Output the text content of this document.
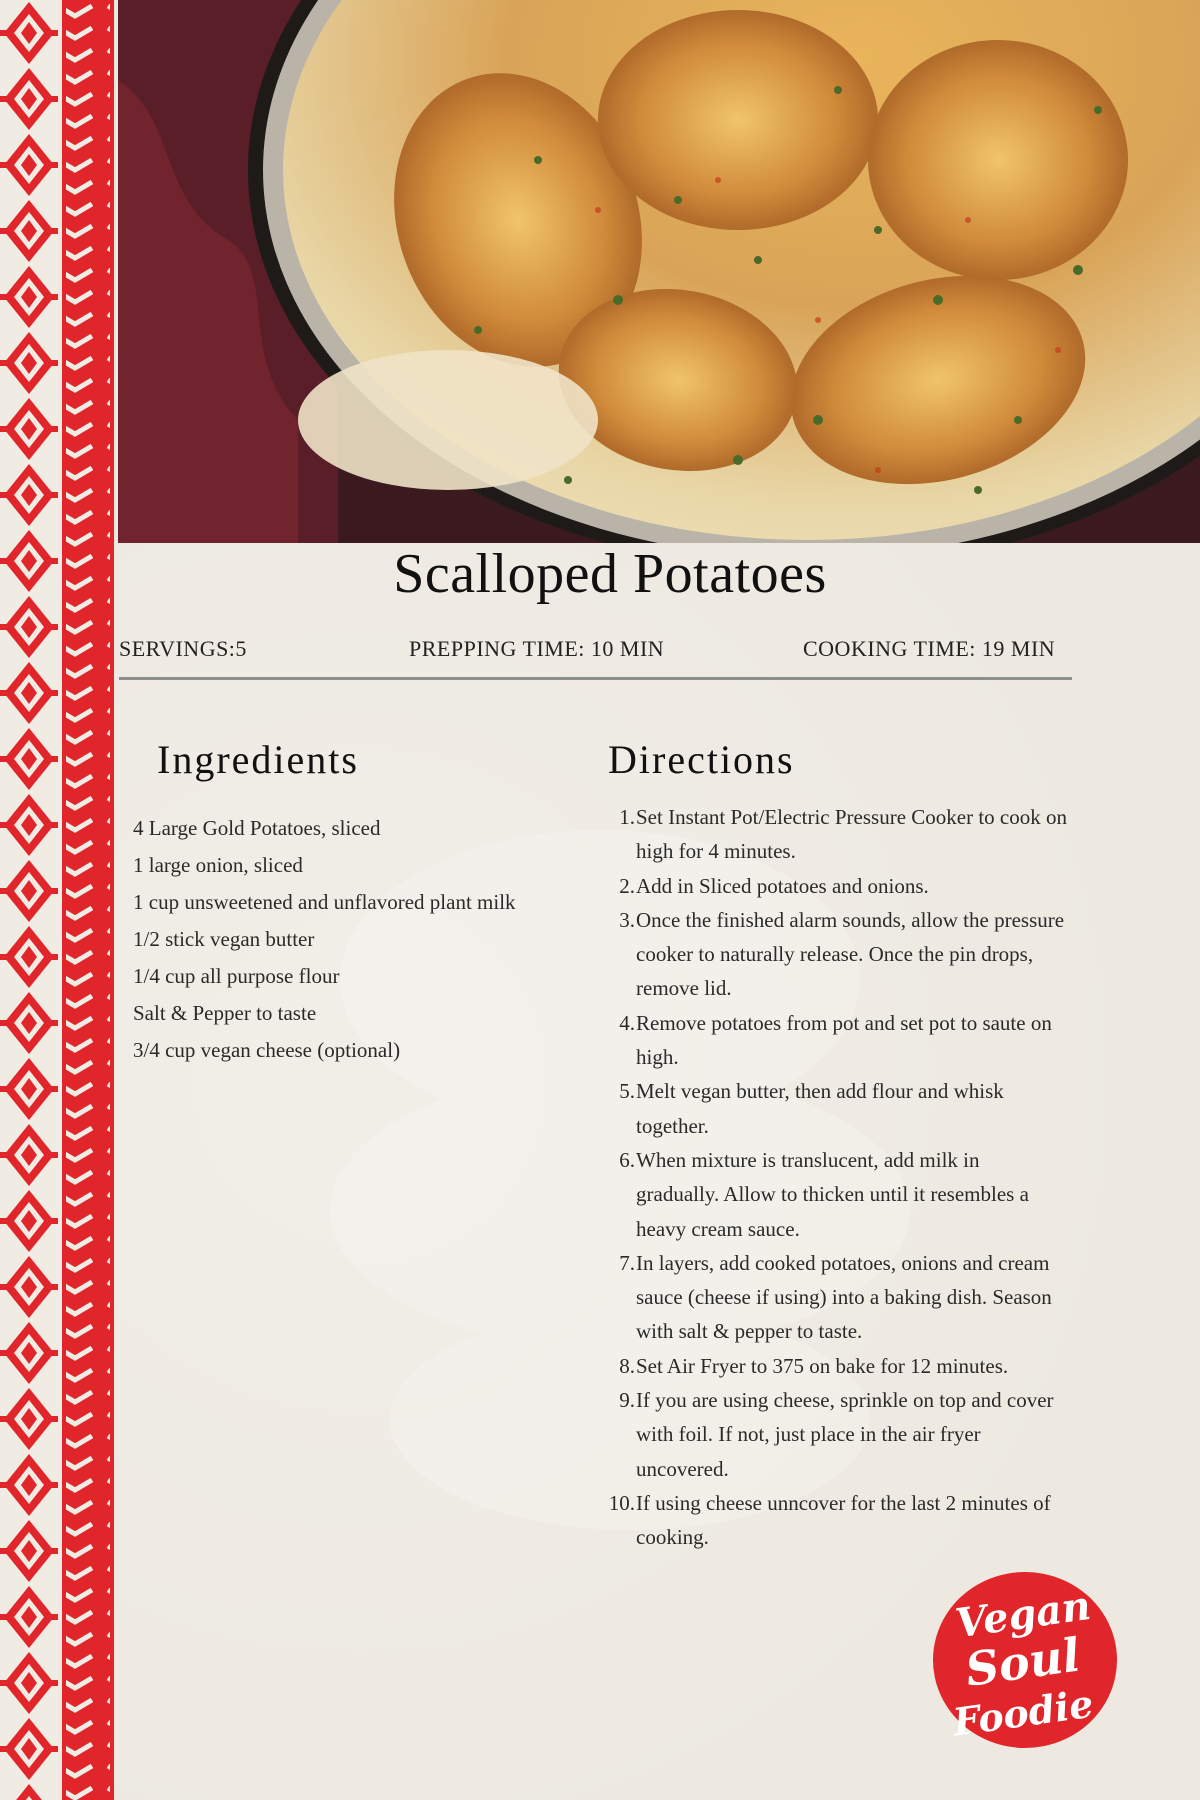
Scalloped Potatoes
SERVINGS:5	PREPPING TIME: 10 MIN	COOKING TIME: 19 MIN
Ingredients	Directions
4 Large Gold Potatoes, sliced
1 large onion, sliced
1 cup unsweetened and unflavored plant milk
1/2 stick vegan butter
1/4 cup all purpose flour
Salt & Pepper to taste
3/4 cup vegan cheese (optional)
1. Set Instant Pot/Electric Pressure Cooker to cook on
high for 4 minutes.
2. Add in Sliced potatoes and onions.
3. Once the finished alarm sounds, allow the pressure
cooker to naturally release. Once the pin drops,
remove lid.
4. Remove potatoes from pot and set pot to saute on
high.
5. Melt vegan butter, then add flour and whisk
together.
6. When mixture is translucent, add milk in
gradually. Allow to thicken until it resembles a
heavy cream sauce.
7. In layers, add cooked potatoes, onions and cream
sauce (cheese if using) into a baking dish. Season
with salt & pepper to taste.
8. Set Air Fryer to 375 on bake for 12 minutes.
9. If you are using cheese, sprinkle on top and cover
with foil. If not, just place in the air fryer
uncovered.
10. If using cheese unncover for the last 2 minutes of
cooking.
Vegan
Soul
Foodie
